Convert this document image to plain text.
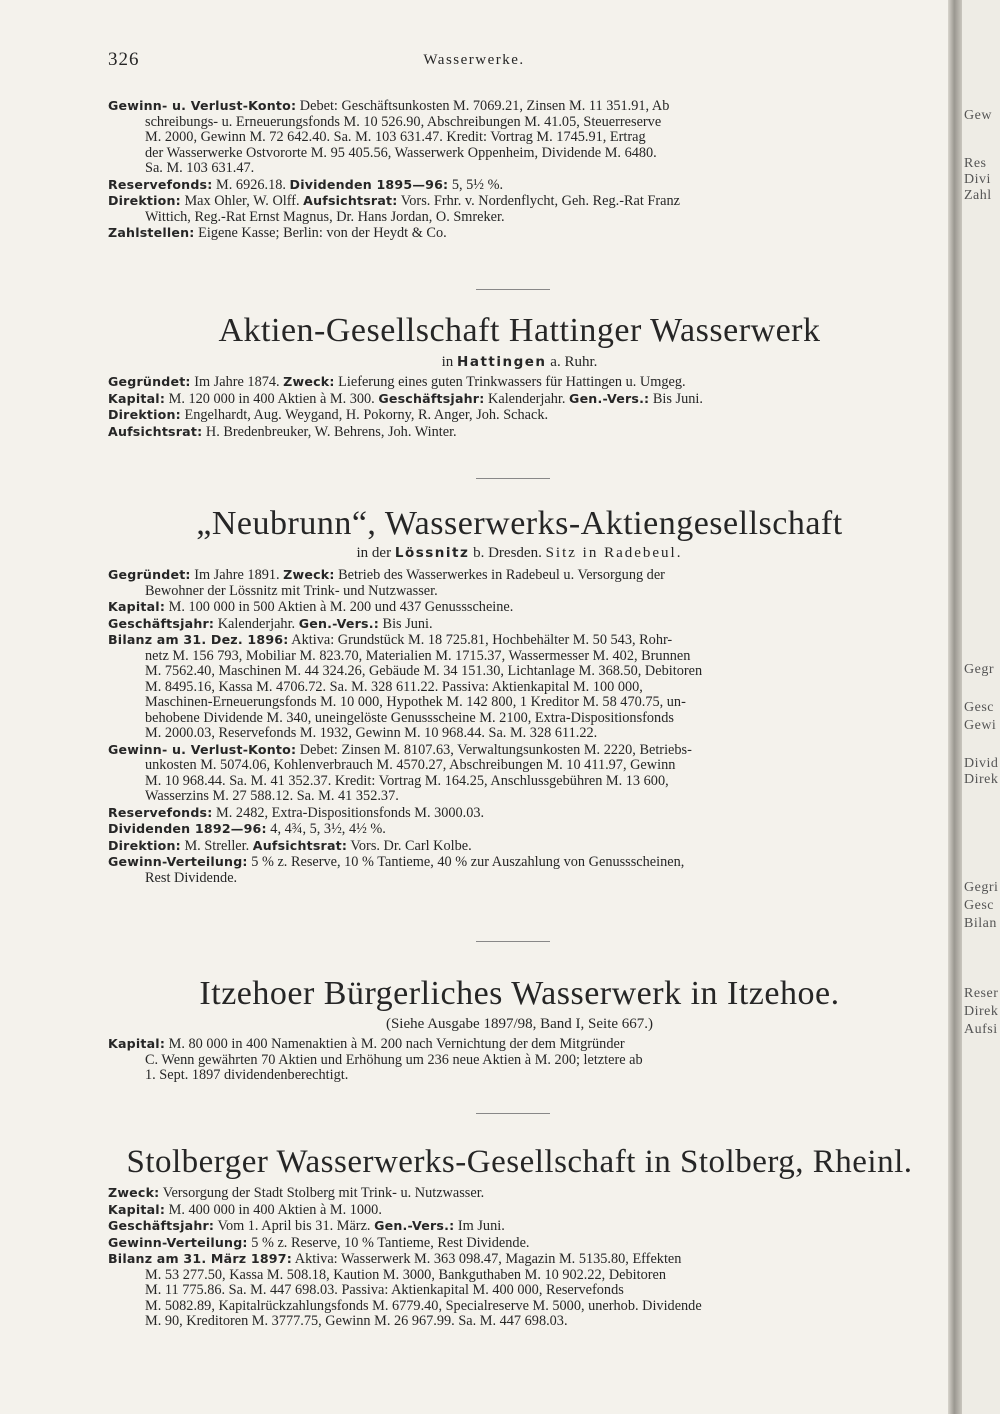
326	Wasserwerke.

Gewinn- u. Verlust-Konto: Debet: Geschäftsunkosten M. 7069.21, Zinsen M. 11 351.91, Ab
schreibungs- u. Erneuerungsfonds M. 10 526.90, Abschreibungen M. 41.05, Steuerreserve
M. 2000, Gewinn M. 72 642.40. Sa. M. 103 631.47. Kredit: Vortrag M. 1745.91, Ertrag
der Wasserwerke Ostvororte M. 95 405.56, Wasserwerk Oppenheim, Dividende M. 6480.
Sa. M. 103 631.47.

Reservefonds: M. 6926.18. Dividenden 1895—96: 5, 5½ %.

Direktion: Max Ohler, W. Olff. Aufsichtsrat: Vors. Frhr. v. Nordenflycht, Geh. Reg.-Rat Franz
Wittich, Reg.-Rat Ernst Magnus, Dr. Hans Jordan, O. Smreker.

Zahlstellen: Eigene Kasse; Berlin: von der Heydt & Co.

Aktien-Gesellschaft Hattinger Wasserwerk
in Hattingen a. Ruhr.

Gegründet: Im Jahre 1874. Zweck: Lieferung eines guten Trinkwassers für Hattingen u. Umgeg.

Kapital: M. 120 000 in 400 Aktien à M. 300. Geschäftsjahr: Kalenderjahr. Gen.-Vers.: Bis Juni.

Direktion: Engelhardt, Aug. Weygand, H. Pokorny, R. Anger, Joh. Schack.

Aufsichtsrat: H. Bredenbreuker, W. Behrens, Joh. Winter.

„Neubrunn“, Wasserwerks-Aktiengesellschaft
in der Lössnitz b. Dresden. Sitz in Radebeul.

Gegründet: Im Jahre 1891. Zweck: Betrieb des Wasserwerkes in Radebeul u. Versorgung der
Bewohner der Lössnitz mit Trink- und Nutzwasser.

Kapital: M. 100 000 in 500 Aktien à M. 200 und 437 Genussscheine.

Geschäftsjahr: Kalenderjahr. Gen.-Vers.: Bis Juni.

Bilanz am 31. Dez. 1896: Aktiva: Grundstück M. 18 725.81, Hochbehälter M. 50 543, Rohr-
netz M. 156 793, Mobiliar M. 823.70, Materialien M. 1715.37, Wassermesser M. 402, Brunnen
M. 7562.40, Maschinen M. 44 324.26, Gebäude M. 34 151.30, Lichtanlage M. 368.50, Debitoren
M. 8495.16, Kassa M. 4706.72. Sa. M. 328 611.22. Passiva: Aktienkapital M. 100 000,
Maschinen-Erneuerungsfonds M. 10 000, Hypothek M. 142 800, 1 Kreditor M. 58 470.75, un-
behobene Dividende M. 340, uneingelöste Genussscheine M. 2100, Extra-Dispositionsfonds
M. 2000.03, Reservefonds M. 1932, Gewinn M. 10 968.44. Sa. M. 328 611.22.

Gewinn- u. Verlust-Konto: Debet: Zinsen M. 8107.63, Verwaltungsunkosten M. 2220, Betriebs-
unkosten M. 5074.06, Kohlenverbrauch M. 4570.27, Abschreibungen M. 10 411.97, Gewinn
M. 10 968.44. Sa. M. 41 352.37. Kredit: Vortrag M. 164.25, Anschlussgebühren M. 13 600,
Wasserzins M. 27 588.12. Sa. M. 41 352.37.

Reservefonds: M. 2482, Extra-Dispositionsfonds M. 3000.03.

Dividenden 1892—96: 4, 4¾, 5, 3½, 4½ %.

Direktion: M. Streller. Aufsichtsrat: Vors. Dr. Carl Kolbe.

Gewinn-Verteilung: 5 % z. Reserve, 10 % Tantieme, 40 % zur Auszahlung von Genussscheinen,
Rest Dividende.

Itzehoer Bürgerliches Wasserwerk in Itzehoe.
(Siehe Ausgabe 1897/98, Band I, Seite 667.)

Kapital: M. 80 000 in 400 Namenaktien à M. 200 nach Vernichtung der dem Mitgründer
C. Wenn gewährten 70 Aktien und Erhöhung um 236 neue Aktien à M. 200; letztere ab
1. Sept. 1897 dividendenberechtigt.

Stolberger Wasserwerks-Gesellschaft in Stolberg, Rheinl.

Zweck: Versorgung der Stadt Stolberg mit Trink- u. Nutzwasser.

Kapital: M. 400 000 in 400 Aktien à M. 1000.

Geschäftsjahr: Vom 1. April bis 31. März. Gen.-Vers.: Im Juni.

Gewinn-Verteilung: 5 % z. Reserve, 10 % Tantieme, Rest Dividende.

Bilanz am 31. März 1897: Aktiva: Wasserwerk M. 363 098.47, Magazin M. 5135.80, Effekten
M. 53 277.50, Kassa M. 508.18, Kaution M. 3000, Bankguthaben M. 10 902.22, Debitoren
M. 11 775.86. Sa. M. 447 698.03. Passiva: Aktienkapital M. 400 000, Reservefonds
M. 5082.89, Kapitalrückzahlungsfonds M. 6779.40, Specialreserve M. 5000, unerhob. Dividende
M. 90, Kreditoren M. 3777.75, Gewinn M. 26 967.99. Sa. M. 447 698.03.

Gew
Res
Divi
Zahl
Gegr
Gesc
Gewi
Divid
Direk
Gegri
Gesc
Bilan
Reser
Direk
Aufsi
